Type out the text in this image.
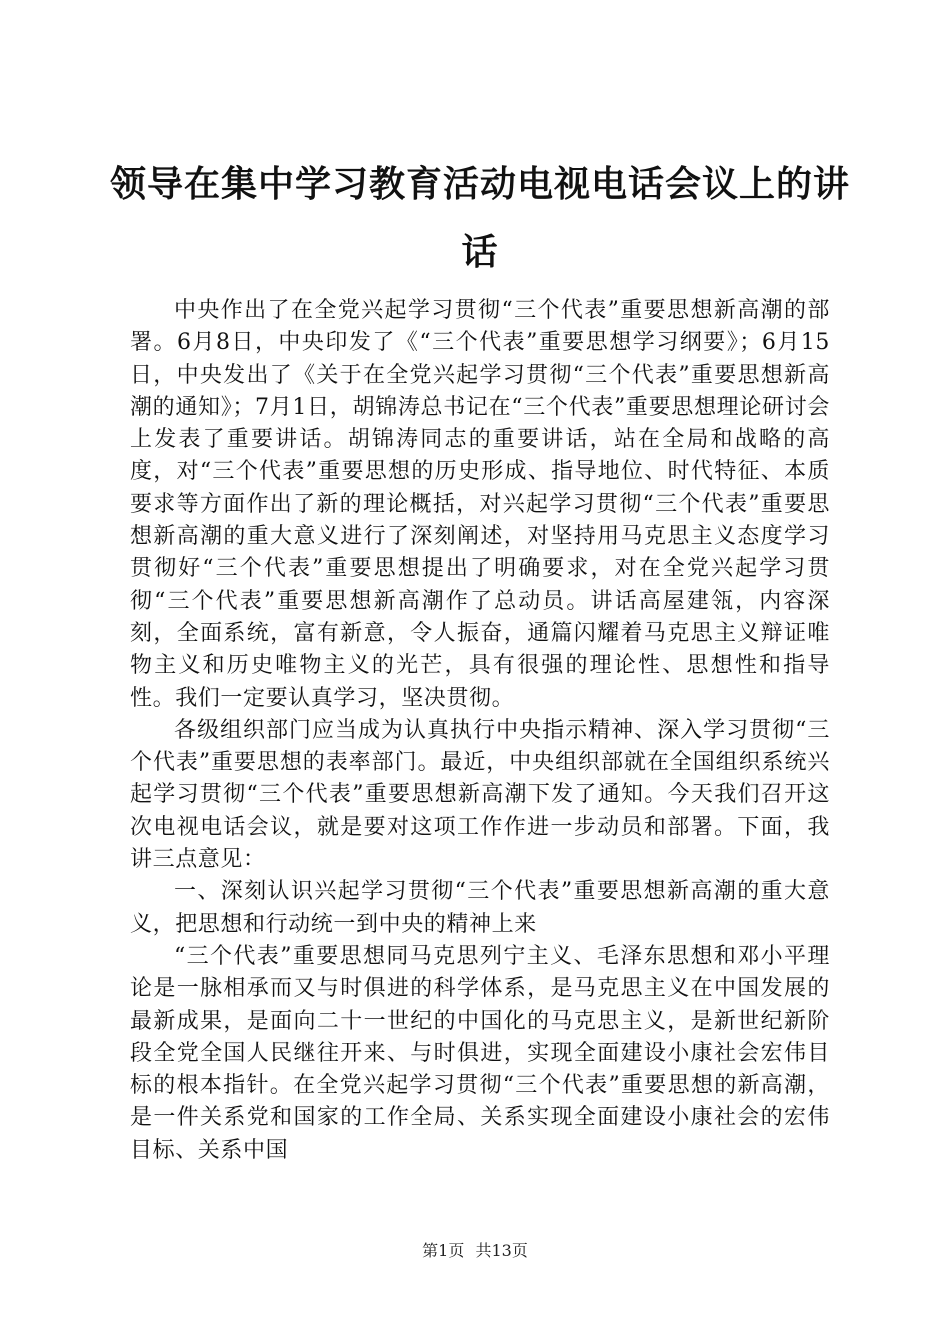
领导在集中学习教育活动电视电话会议上的讲话

中央作出了在全党兴起学习贯彻“三个代表”重要思想新高潮的部署。6月8日，中央印发了《“三个代表”重要思想学习纲要》；6月15日，中央发出了《关于在全党兴起学习贯彻“三个代表”重要思想新高潮的通知》；7月1日，胡锦涛总书记在“三个代表”重要思想理论研讨会上发表了重要讲话。胡锦涛同志的重要讲话，站在全局和战略的高度，对“三个代表”重要思想的历史形成、指导地位、时代特征、本质要求等方面作出了新的理论概括，对兴起学习贯彻“三个代表”重要思想新高潮的重大意义进行了深刻阐述，对坚持用马克思主义态度学习贯彻好“三个代表”重要思想提出了明确要求，对在全党兴起学习贯彻“三个代表”重要思想新高潮作了总动员。讲话高屋建瓴，内容深刻，全面系统，富有新意，令人振奋，通篇闪耀着马克思主义辩证唯物主义和历史唯物主义的光芒，具有很强的理论性、思想性和指导性。我们一定要认真学习，坚决贯彻。

各级组织部门应当成为认真执行中央指示精神、深入学习贯彻“三个代表”重要思想的表率部门。最近，中央组织部就在全国组织系统兴起学习贯彻“三个代表”重要思想新高潮下发了通知。今天我们召开这次电视电话会议，就是要对这项工作作进一步动员和部署。下面，我讲三点意见：

一、深刻认识兴起学习贯彻“三个代表”重要思想新高潮的重大意义，把思想和行动统一到中央的精神上来

“三个代表”重要思想同马克思列宁主义、毛泽东思想和邓小平理论是一脉相承而又与时俱进的科学体系，是马克思主义在中国发展的最新成果，是面向二十一世纪的中国化的马克思主义，是新世纪新阶段全党全国人民继往开来、与时俱进，实现全面建设小康社会宏伟目标的根本指针。在全党兴起学习贯彻“三个代表”重要思想的新高潮，是一件关系党和国家的工作全局、关系实现全面建设小康社会的宏伟目标、关系中国

第1页 共13页
